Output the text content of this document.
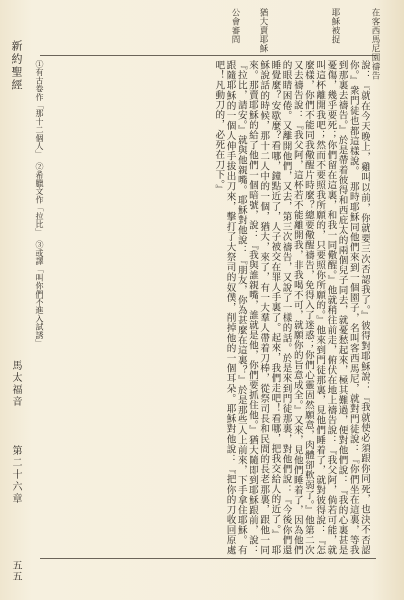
在客西馬尼園禱告
耶穌被捉
猶大賣耶穌
公會審問

說：『就在今天晚上，雞叫以前，你就要三次否認我了。』彼得對耶穌說：『我就使必須跟你同死，也決不否認你。』衆門徒也都這樣說。　那時耶穌同他們來到一個園子，名叫客西馬尼，就對門徒說：『你們坐在這裏，等我到那裏去禱告。』於是帶着彼得和西庇太的兩個兒子同去，就憂愁起來，極其難過，便對他們說：『我的心裏甚是憂傷，幾乎要死；你們留在這裏，和我一同儆醒。』他就稍往前走，俯伏在地上禱告說：『我父阿，倘若可能，就叫這杯離開我吧；然而不要照我所願的，只要照你所願的。』他來到門徒那裏，見他們睡着了，就對彼得說：『怎麼樣，你們不能同我儆醒片時麼？總要儆醒禱告，免得入了迷惑；你們心靈固然願意，肉體卻軟弱了。』他第二次又去禱告說：『我父阿，這杯若不能離開我，非我喝不可，就願你的旨意成全。』又來，見他們睡着了，因為他們的眼睛困倦。又離開他們，又去，第三次禱告，又說了一樣的話。於是來到門徒那裏，對他們說：『今後你們還睡覺麼？安歇麼？看哪，鐘點近了，人子被交在罪人手裏了。起來，我們走吧！看哪，把我交給人的近了。』　耶穌說話的時候，那十二人中的一個，猶大，來了，有一大羣人帶着刀棒，從祭司長和民間的長老那裏，跟他一同來。那賣耶穌的給了他們一個暗號，說：『我與誰親嘴，誰就是他，你們要抓住他。』猶大隨即到耶穌跟前，說：『拉比，請安。』就與他親嘴。耶穌對他說：『朋友，你為甚麼在這裏？』於是那些人上前來，下手拿住耶穌。有跟隨耶穌的一個人伸手拔出刀來，擊打了大祭司的奴僕，削掉他的一個耳朵。耶穌對他說：『把你的刀收回原處吧！凡動刀的，必死在刀下。』

①有古卷作「那十二個人」　②希臘文作「拉比」　③或譯「叫你們不進入試誘」
新約聖經
馬太福音
第二十六章
五五
